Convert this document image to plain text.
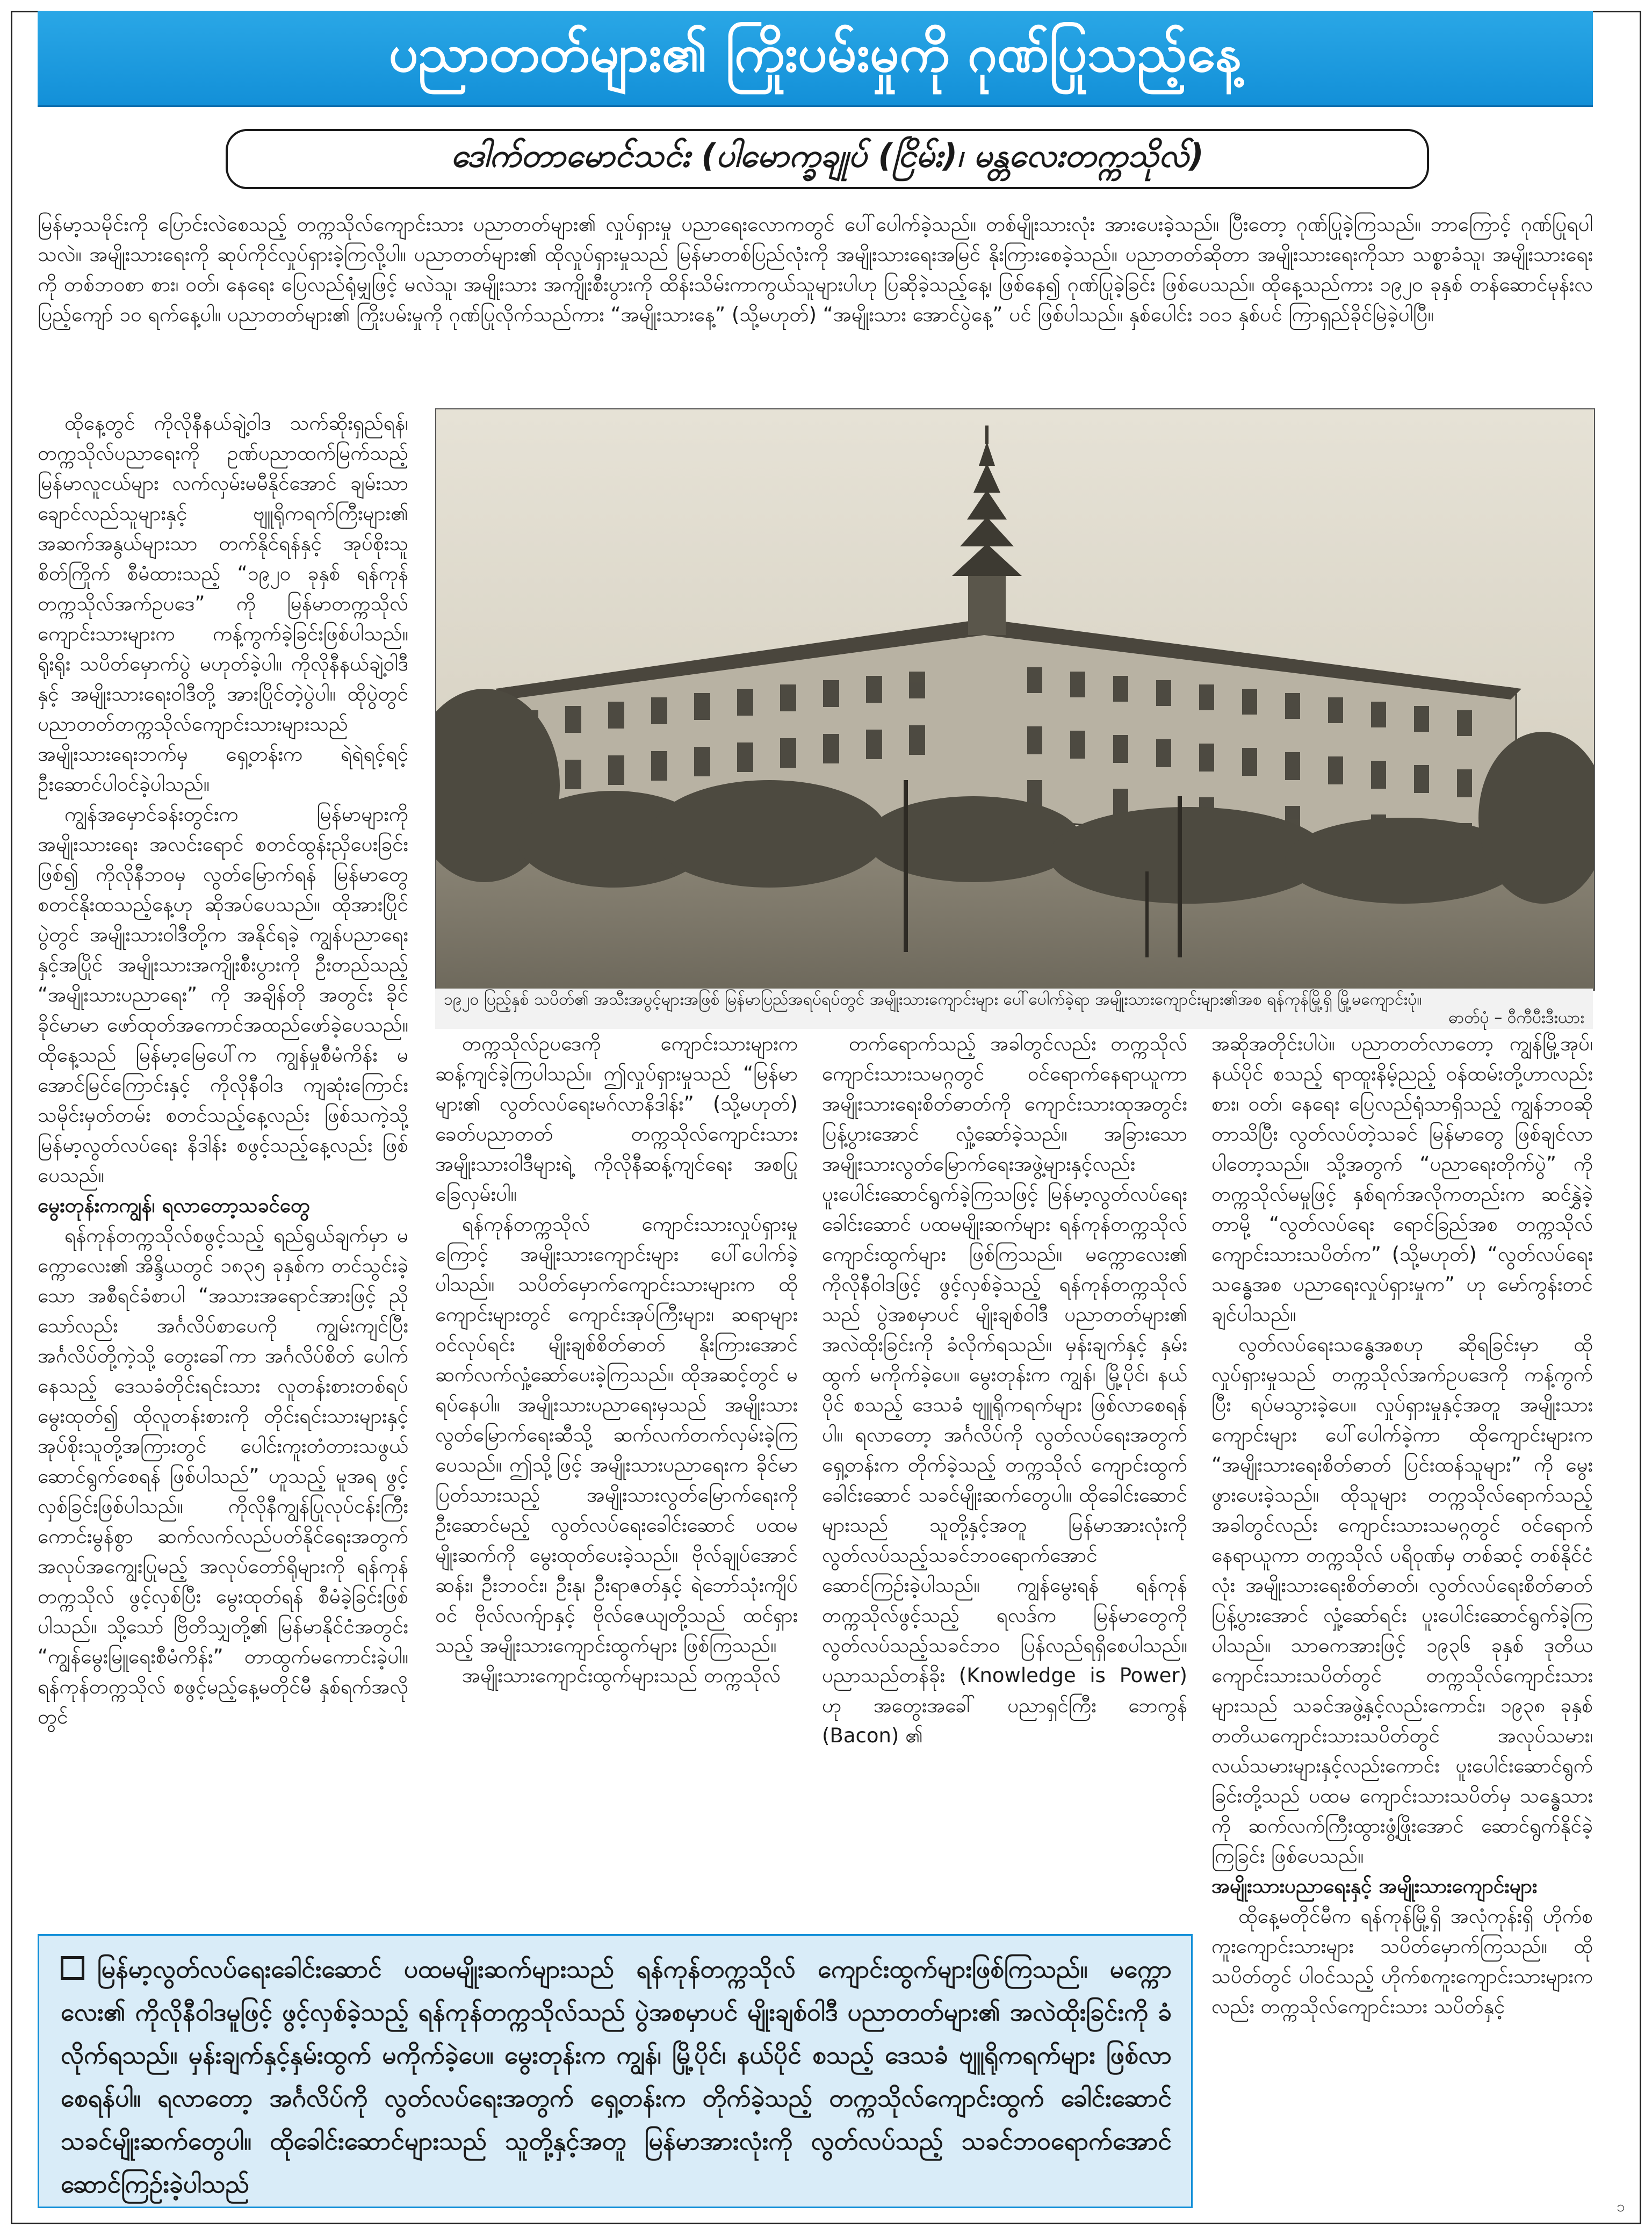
ပညာတတ်များ၏ ကြိုးပမ်းမှုကို ဂုဏ်ပြုသည့်နေ့
ဒေါက်တာမောင်သင်း (ပါမောက္ခချုပ် (ငြိမ်း)၊ မန္တလေးတက္ကသိုလ်)

မြန်မာ့သမိုင်းကို ပြောင်းလဲစေသည့် တက္ကသိုလ်ကျောင်းသား ပညာတတ်များ၏ လှုပ်ရှားမှု ပညာရေးလောကတွင် ပေါ်ပေါက်ခဲ့သည်။ တစ်မျိုးသားလုံး အားပေးခဲ့သည်။ ပြီးတော့ ဂုဏ်ပြုခဲ့ကြသည်။ ဘာကြောင့် ဂုဏ်ပြုရပါသလဲ။ အမျိုးသားရေးကို ဆုပ်ကိုင်လှုပ်ရှားခဲ့ကြလို့ပါ။ ပညာတတ်များ၏ ထိုလှုပ်ရှားမှုသည် မြန်မာတစ်ပြည်လုံးကို အမျိုးသားရေးအမြင် နိုးကြားစေခဲ့သည်။ ပညာတတ်ဆိုတာ အမျိုးသားရေးကိုသာ သစ္စာခံသူ၊ အမျိုးသားရေးကို တစ်ဘဝစာ စား၊ ဝတ်၊ နေရေး ပြေလည်ရုံမျှဖြင့် မလဲသူ၊ အမျိုးသား အကျိုးစီးပွားကို ထိန်းသိမ်းကာကွယ်သူများပါဟု ပြဆိုခဲ့သည့်နေ့၊ ဖြစ်နေ၍ ဂုဏ်ပြုခဲ့ခြင်း ဖြစ်ပေသည်။ ထိုနေ့သည်ကား ၁၉၂၀ ခုနှစ် တန်ဆောင်မုန်းလပြည့်ကျော် ၁၀ ရက်နေ့ပါ။ ပညာတတ်များ၏ ကြိုးပမ်းမှုကို ဂုဏ်ပြုလိုက်သည်ကား “အမျိုးသားနေ့” (သို့မဟုတ်) “အမျိုးသား အောင်ပွဲနေ့” ပင် ဖြစ်ပါသည်။ နှစ်ပေါင်း ၁၀၁ နှစ်ပင် ကြာရှည်ခိုင်မြဲခဲ့ပါပြီ။

ထိုနေ့တွင် ကိုလိုနီနယ်ချဲ့ဝါဒ သက်ဆိုးရှည်ရန်၊ တက္ကသိုလ်ပညာရေးကို ဥဏ်ပညာထက်မြက်သည့် မြန်မာလူငယ်များ လက်လှမ်းမမီနိုင်အောင် ချမ်းသာ ချောင်လည်သူများနှင့် ဗျူရိုကရက်ကြီးများ၏ အဆက်အနွယ်များသာ တက်နိုင်ရန်နှင့် အုပ်စိုးသူ စိတ်ကြိုက် စီမံထားသည့် “၁၉၂၀ ခုနှစ် ရန်ကုန်တက္ကသိုလ်အက်ဥပဒေ” ကို မြန်မာတက္ကသိုလ်ကျောင်းသားများက ကန့်ကွက်ခဲ့ခြင်းဖြစ်ပါသည်။ ရိုးရိုး သပိတ်မှောက်ပွဲ မဟုတ်ခဲ့ပါ။ ကိုလိုနီနယ်ချဲ့ဝါဒီနှင့် အမျိုးသားရေးဝါဒီတို့ အားပြိုင်တဲ့ပွဲပါ။ ထိုပွဲတွင် ပညာတတ်တက္ကသိုလ်ကျောင်းသားများသည် အမျိုးသားရေးဘက်မှ ရှေ့တန်းက ရဲရဲရင့်ရင့် ဦးဆောင်ပါဝင်ခဲ့ပါသည်။

ကျွန်အမှောင်ခန်းတွင်းက မြန်မာများကို အမျိုးသားရေး အလင်းရောင် စတင်ထွန်းညှိပေးခြင်းဖြစ်၍ ကိုလိုနီဘဝမှ လွတ်မြောက်ရန် မြန်မာတွေ စတင်နိုးထသည့်နေ့ဟု ဆိုအပ်ပေသည်။ ထိုအားပြိုင်ပွဲတွင် အမျိုးသားဝါဒီတို့က အနိုင်ရခဲ့ ကျွန်ပညာရေးနှင့်အပြိုင် အမျိုးသားအကျိုးစီးပွားကို ဦးတည်သည့် “အမျိုးသားပညာရေး” ကို အချိန်တို အတွင်း ခိုင်ခိုင်မာမာ ဖော်ထုတ်အကောင်အထည်ဖော်ခဲ့ပေသည်။ ထိုနေ့သည် မြန်မာ့မြေပေါ်က ကျွန်မှုစီမံကိန်း မအောင်မြင်ကြောင်းနှင့် ကိုလိုနီဝါဒ ကျဆုံးကြောင်း သမိုင်းမှတ်တမ်း စတင်သည့်နေ့လည်း ဖြစ်သကဲ့သို့ မြန်မာ့လွတ်လပ်ရေး နိဒါန်း စဖွင့်သည့်နေ့လည်း ဖြစ်ပေသည်။

မွေးတုန်းကကျွန်၊ ရလာတော့သခင်တွေ

ရန်ကုန်တက္ကသိုလ်စဖွင့်သည့် ရည်ရွယ်ချက်မှာ မက္ကောလေး၏ အိန္ဒိယတွင် ၁၈၃၅ ခုနှစ်က တင်သွင်းခဲ့သော အစီရင်ခံစာပါ “အသားအရောင်အားဖြင့် ညိုသော်လည်း အင်္ဂလိပ်စာပေကို ကျွမ်းကျင်ပြီး အင်္ဂလိပ်တို့ကဲ့သို့ တွေးခေါ်ကာ အင်္ဂလိပ်စိတ် ပေါက်နေသည့် ဒေသခံတိုင်းရင်းသား လူတန်းစားတစ်ရပ် မွေးထုတ်၍ ထိုလူတန်းစားကို တိုင်းရင်းသားများနှင့် အုပ်စိုးသူတို့အကြားတွင် ပေါင်းကူးတံတားသဖွယ် ဆောင်ရွက်စေရန် ဖြစ်ပါသည်” ဟူသည့် မူအရ ဖွင့်လှစ်ခြင်းဖြစ်ပါသည်။ ကိုလိုနီကျွန်ပြုလုပ်ငန်းကြီး ကောင်းမွန်စွာ ဆက်လက်လည်ပတ်နိုင်ရေးအတွက် အလုပ်အကျွေးပြုမည့် အလုပ်တော်ရိုများကို ရန်ကုန်တက္ကသိုလ် ဖွင့်လှစ်ပြီး မွေးထုတ်ရန် စီမံခဲ့ခြင်းဖြစ်ပါသည်။ သို့သော် ဗြိတိသျှတို့၏ မြန်မာနိုင်ငံအတွင်း “ကျွန်မွေးမြူရေးစီမံကိန်း” တာထွက်မကောင်းခဲ့ပါ။ ရန်ကုန်တက္ကသိုလ် စဖွင့်မည့်နေ့မတိုင်မီ နှစ်ရက်အလိုတွင်

၁၉၂၀ ပြည့်နှစ် သပိတ်၏ အသီးအပွင့်များအဖြစ် မြန်မာပြည်အရပ်ရပ်တွင် အမျိုးသားကျောင်းများ ပေါ်ပေါက်ခဲ့ရာ အမျိုးသားကျောင်းများ၏အစ ရန်ကုန်မြို့ရှိ မြို့မကျောင်းပုံ။
ဓာတ်ပုံ – ဝီကီပီးဒီးယား

တက္ကသိုလ်ဥပဒေကို ကျောင်းသားများက ဆန့်ကျင်ခဲ့ကြပါသည်။ ဤလှုပ်ရှားမှုသည် “မြန်မာများ၏ လွတ်လပ်ရေးမဂ်လာနိဒါန်း” (သို့မဟုတ်) ခေတ်ပညာတတ် တက္ကသိုလ်ကျောင်းသား အမျိုးသားဝါဒီများရဲ့ ကိုလိုနီဆန့်ကျင်ရေး အစပြုခြေလှမ်းပါ။

ရန်ကုန်တက္ကသိုလ် ကျောင်းသားလှုပ်ရှားမှုကြောင့် အမျိုးသားကျောင်းများ ပေါ်ပေါက်ခဲ့ပါသည်။ သပိတ်မှောက်ကျောင်းသားများက ထိုကျောင်းများတွင် ကျောင်းအုပ်ကြီးများ၊ ဆရာများဝင်လုပ်ရင်း မျိုးချစ်စိတ်ဓာတ် နိုးကြားအောင် ဆက်လက်လှုံ့ဆော်ပေးခဲ့ကြသည်။ ထိုအဆင့်တွင် မရပ်နေပါ။ အမျိုးသားပညာရေးမှသည် အမျိုးသား လွတ်မြောက်ရေးဆီသို့ ဆက်လက်တက်လှမ်းခဲ့ကြပေသည်။ ဤသို့ဖြင့် အမျိုးသားပညာရေးက ခိုင်မာပြတ်သားသည့် အမျိုးသားလွတ်မြောက်ရေးကို ဦးဆောင်မည့် လွတ်လပ်ရေးခေါင်းဆောင် ပထမမျိုးဆက်ကို မွေးထုတ်ပေးခဲ့သည်။ ဗိုလ်ချုပ်အောင်ဆန်း၊ ဦးဘဝင်း၊ ဦးနု၊ ဦးရာဇတ်နှင့် ရဲဘော်သုံးကျိပ်ဝင် ဗိုလ်လက်ျာနှင့် ဗိုလ်ဇေယျတို့သည် ထင်ရှားသည့် အမျိုးသားကျောင်းထွက်များ ဖြစ်ကြသည်။

အမျိုးသားကျောင်းထွက်များသည် တက္ကသိုလ်

တက်ရောက်သည့် အခါတွင်လည်း တက္ကသိုလ်ကျောင်းသားသမဂ္ဂတွင် ဝင်ရောက်နေရာယူကာ အမျိုးသားရေးစိတ်ဓာတ်ကို ကျောင်းသားထုအတွင်း ပြန့်ပွားအောင် လှုံ့ဆော်ခဲ့သည်။ အခြားသော အမျိုးသားလွတ်မြောက်ရေးအဖွဲ့များနှင့်လည်း ပူးပေါင်းဆောင်ရွက်ခဲ့ကြသဖြင့် မြန်မာ့လွတ်လပ်ရေးခေါင်းဆောင် ပထမမျိုးဆက်များ ရန်ကုန်တက္ကသိုလ် ကျောင်းထွက်များ ဖြစ်ကြသည်။ မက္ကောလေး၏ ကိုလိုနီဝါဒဖြင့် ဖွင့်လှစ်ခဲ့သည့် ရန်ကုန်တက္ကသိုလ်သည် ပွဲအစမှာပင် မျိုးချစ်ဝါဒီ ပညာတတ်များ၏ အလဲထိုးခြင်းကို ခံလိုက်ရသည်။ မှန်းချက်နှင့် နှမ်းထွက် မကိုက်ခဲ့ပေ။ မွေးတုန်းက ကျွန်၊ မြို့ပိုင်၊ နယ်ပိုင် စသည့် ဒေသခံ ဗျူရိုကရက်များ ဖြစ်လာစေရန်ပါ။ ရလာတော့ အင်္ဂလိပ်ကို လွတ်လပ်ရေးအတွက် ရှေ့တန်းက တိုက်ခဲ့သည့် တက္ကသိုလ် ကျောင်းထွက် ခေါင်းဆောင် သခင်မျိုးဆက်တွေပါ။ ထိုခေါင်းဆောင်များသည် သူတို့နှင့်အတူ မြန်မာအားလုံးကို လွတ်လပ်သည့်သခင်ဘဝရောက်အောင် ဆောင်ကြဉ်းခဲ့ပါသည်။ ကျွန်မွေးရန် ရန်ကုန်တက္ကသိုလ်ဖွင့်သည့် ရလဒ်က မြန်မာတွေကို လွတ်လပ်သည့်သခင်ဘဝ ပြန်လည်ရရှိစေပါသည်။ ပညာသည်တန်ခိုး (Knowledge is Power) ဟု အတွေးအခေါ် ပညာရှင်ကြီး ဘေကွန် (Bacon) ၏

အဆိုအတိုင်းပါပဲ။ ပညာတတ်လာတော့ ကျွန်မြို့အုပ်၊ နယ်ပိုင် စသည့် ရာထူးနိမ့်ညည့် ဝန်ထမ်းတို့ဟာလည်း စား၊ ဝတ်၊ နေရေး ပြေလည်ရုံသာရှိသည့် ကျွန်ဘဝဆိုတာသိပြီး လွတ်လပ်တဲ့သခင် မြန်မာတွေ ဖြစ်ချင်လာပါတော့သည်။ သို့အတွက် “ပညာရေးတိုက်ပွဲ” ကို တက္ကသိုလ်မမှုဖြင့် နှစ်ရက်အလိုကတည်းက ဆင်နွှဲခဲ့တာမို့ “လွတ်လပ်ရေး ရောင်ခြည်အစ တက္ကသိုလ် ကျောင်းသားသပိတ်က” (သို့မဟုတ်) “လွတ်လပ်ရေး သန္ဓေအစ ပညာရေးလှုပ်ရှားမှုက” ဟု မော်ကွန်းတင်ချင်ပါသည်။

လွတ်လပ်ရေးသန္ဓေအစဟု ဆိုရခြင်းမှာ ထိုလှုပ်ရှားမှုသည် တက္ကသိုလ်အက်ဥပဒေကို ကန့်ကွက်ပြီး ရပ်မသွားခဲ့ပေ။ လှုပ်ရှားမှုနှင့်အတူ အမျိုးသားကျောင်းများ ပေါ်ပေါက်ခဲ့ကာ ထိုကျောင်းများက “အမျိုးသားရေးစိတ်ဓာတ် ပြင်းထန်သူများ” ကို မွေးဖွားပေးခဲ့သည်။ ထိုသူများ တက္ကသိုလ်ရောက်သည့်အခါတွင်လည်း ကျောင်းသားသမဂ္ဂတွင် ဝင်ရောက်နေရာယူကာ တက္ကသိုလ် ပရိဝုဏ်မှ တစ်ဆင့် တစ်နိုင်ငံလုံး အမျိုးသားရေးစိတ်ဓာတ်၊ လွတ်လပ်ရေးစိတ်ဓာတ် ပြန့်ပွားအောင် လှုံ့ဆော်ရင်း ပူးပေါင်းဆောင်ရွက်ခဲ့ကြပါသည်။ သာဓကအားဖြင့် ၁၉၃၆ ခုနှစ် ဒုတိယ ကျောင်းသားသပိတ်တွင် တက္ကသိုလ်ကျောင်းသားများသည် သခင်အဖွဲ့နှင့်လည်းကောင်း၊ ၁၉၃၈ ခုနှစ် တတိယကျောင်းသားသပိတ်တွင် အလုပ်သမား၊ လယ်သမားများနှင့်လည်းကောင်း ပူးပေါင်းဆောင်ရွက်ခြင်းတို့သည် ပထမ ကျောင်းသားသပိတ်မှ သန္ဓေသားကို ဆက်လက်ကြီးထွားဖွံ့ဖြိုးအောင် ဆောင်ရွက်နိုင်ခဲ့ကြခြင်း ဖြစ်ပေသည်။

အမျိုးသားပညာရေးနှင့် အမျိုးသားကျောင်းများ

ထိုနေ့မတိုင်မီက ရန်ကုန်မြို့ရှိ အလုံကုန်းရှိ ဟိုက်စကူးကျောင်းသားများ သပိတ်မှောက်ကြသည်။ ထိုသပိတ်တွင် ပါဝင်သည့် ဟိုက်စကူးကျောင်းသားများကလည်း တက္ကသိုလ်ကျောင်းသား သပိတ်နှင့်

မြန်မာ့လွတ်လပ်ရေးခေါင်းဆောင် ပထမမျိုးဆက်များသည် ရန်ကုန်တက္ကသိုလ် ကျောင်းထွက်များဖြစ်ကြသည်။ မက္ကောလေး၏ ကိုလိုနီဝါဒမူဖြင့် ဖွင့်လှစ်ခဲ့သည့် ရန်ကုန်တက္ကသိုလ်သည် ပွဲအစမှာပင် မျိုးချစ်ဝါဒီ ပညာတတ်များ၏ အလဲထိုးခြင်းကို ခံလိုက်ရသည်။ မှန်းချက်နှင့်နှမ်းထွက် မကိုက်ခဲ့ပေ။ မွေးတုန်းက ကျွန်၊ မြို့ပိုင်၊ နယ်ပိုင် စသည့် ဒေသခံ ဗျူရိုကရက်များ ဖြစ်လာစေရန်ပါ။ ရလာတော့ အင်္ဂလိပ်ကို လွတ်လပ်ရေးအတွက် ရှေ့တန်းက တိုက်ခဲ့သည့် တက္ကသိုလ်ကျောင်းထွက် ခေါင်းဆောင် သခင်မျိုးဆက်တွေပါ။ ထိုခေါင်းဆောင်များသည် သူတို့နှင့်အတူ မြန်မာအားလုံးကို လွတ်လပ်သည့် သခင်ဘဝရောက်အောင် ဆောင်ကြဉ်းခဲ့ပါသည်
၁
